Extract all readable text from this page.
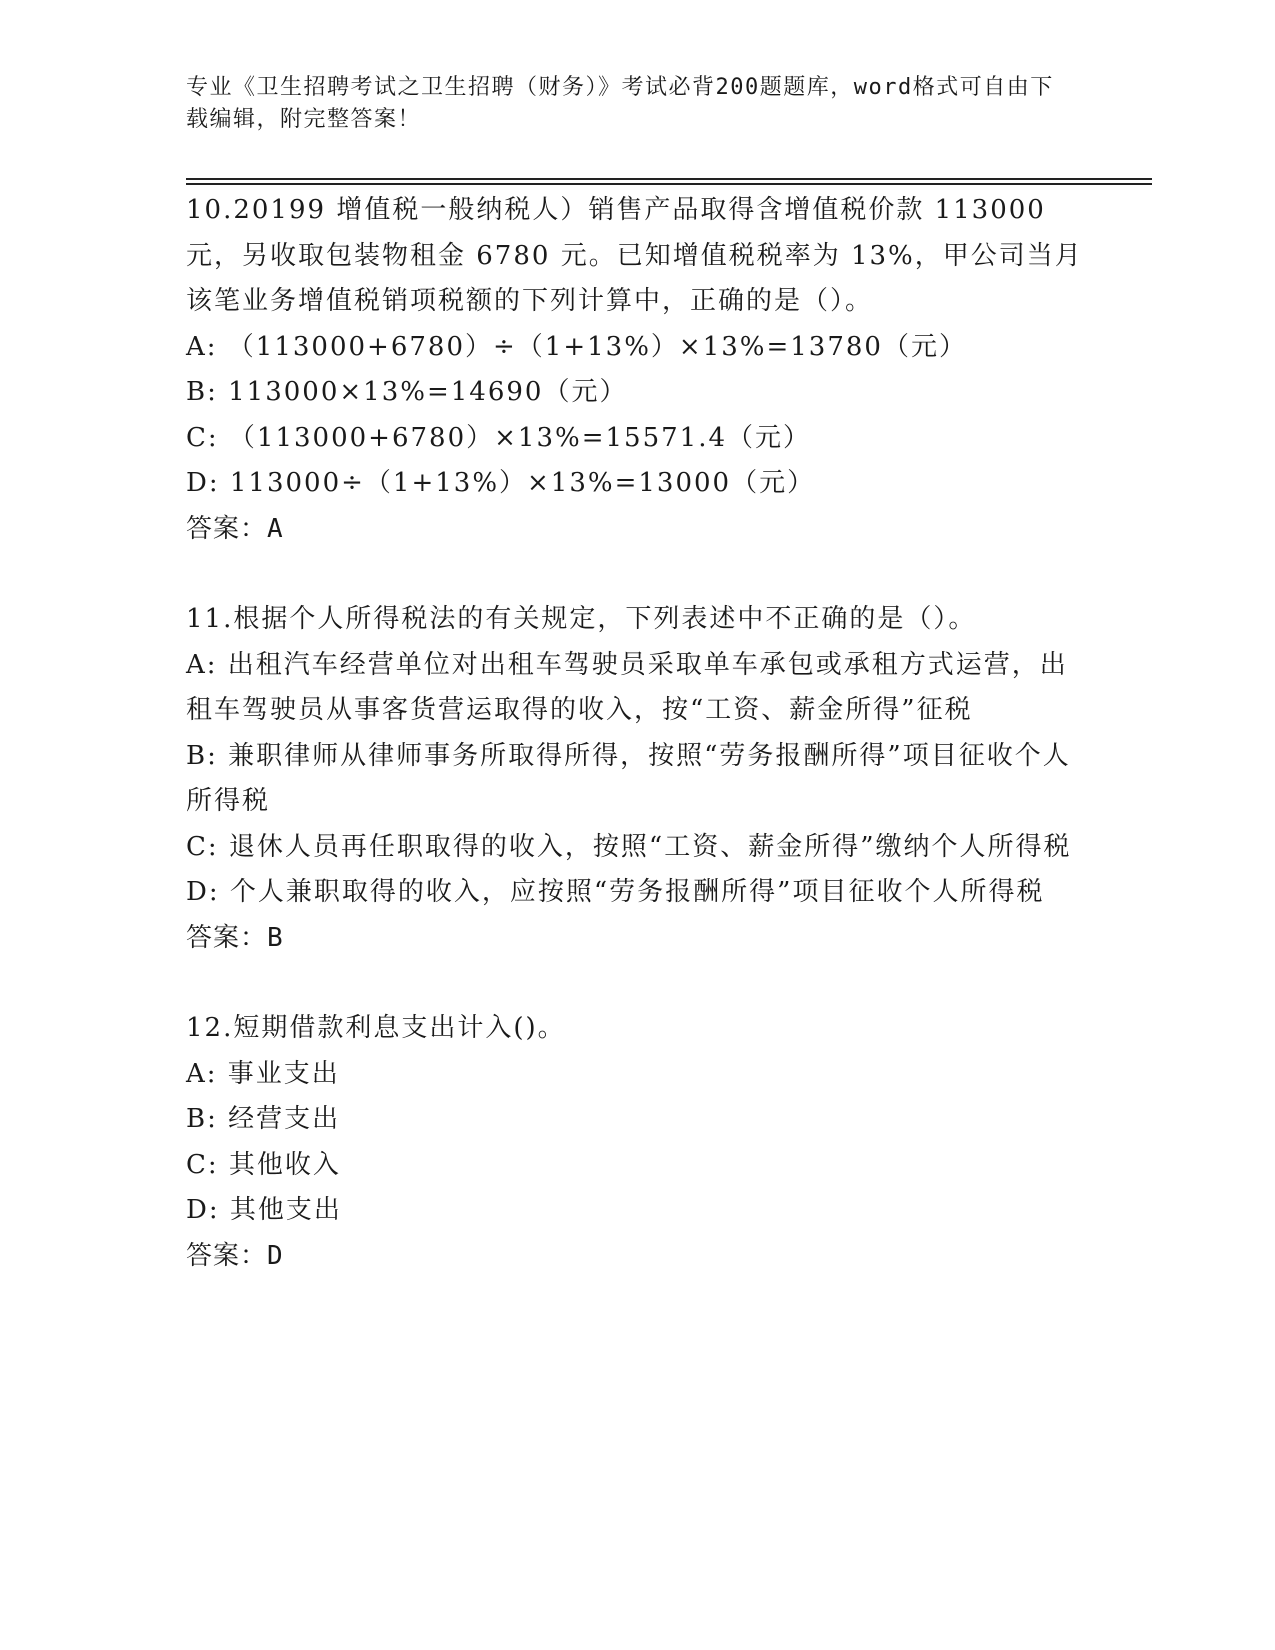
专业《卫生招聘考试之卫生招聘（财务）》考试必背200题题库，word格式可自由下载编辑，附完整答案！

10.20199 增值税一般纳税人）销售产品取得含增值税价款 113000 元，另收取包装物租金 6780 元。已知增值税税率为 13%，甲公司当月该笔业务增值税销项税额的下列计算中，正确的是（）。

A: （113000+6780）÷（1+13%）×13%=13780（元）

B: 113000×13%=14690（元）

C: （113000+6780）×13%=15571.4（元）

D: 113000÷（1+13%）×13%=13000（元）

答案：A

11.根据个人所得税法的有关规定，下列表述中不正确的是（）。

A: 出租汽车经营单位对出租车驾驶员采取单车承包或承租方式运营，出租车驾驶员从事客货营运取得的收入，按“工资、薪金所得”征税

B: 兼职律师从律师事务所取得所得，按照“劳务报酬所得”项目征收个人所得税

C: 退休人员再任职取得的收入，按照“工资、薪金所得”缴纳个人所得税

D: 个人兼职取得的收入，应按照“劳务报酬所得”项目征收个人所得税

答案：B

12.短期借款利息支出计入()。

A: 事业支出

B: 经营支出

C: 其他收入

D: 其他支出

答案：D
